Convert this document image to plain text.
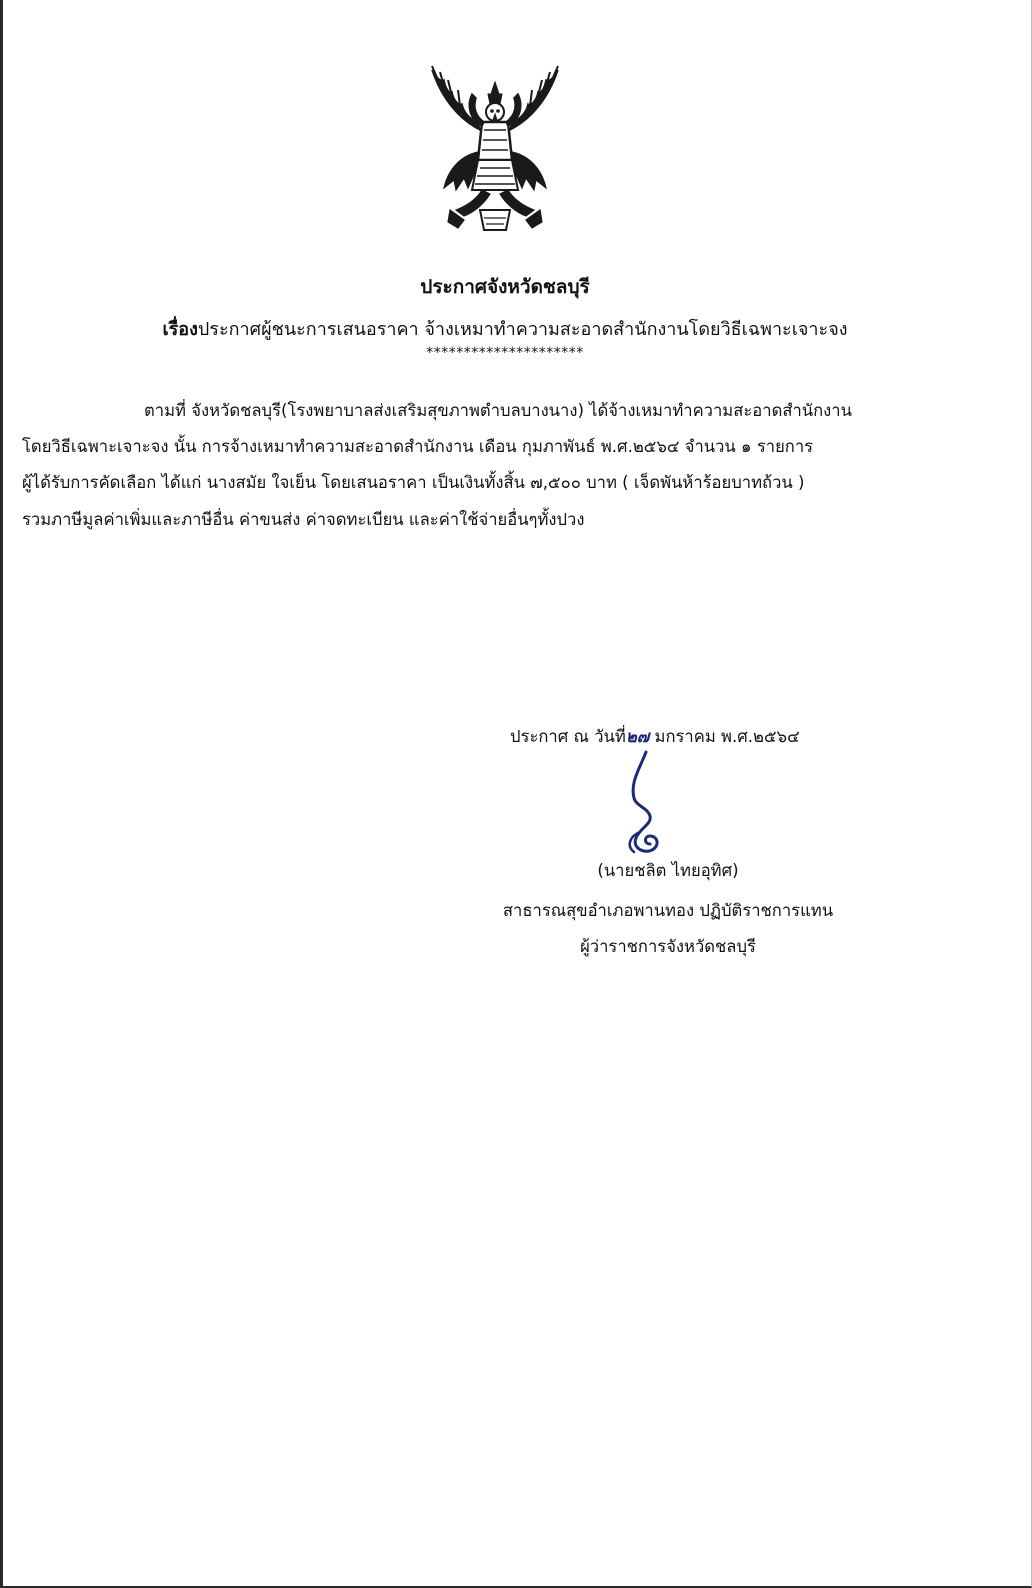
ประกาศจังหวัดชลบุรี
เรื่องประกาศผู้ชนะการเสนอราคา จ้างเหมาทำความสะอาดสำนักงานโดยวิธีเฉพาะเจาะจง
*********************
ตามที่ จังหวัดชลบุรี(โรงพยาบาลส่งเสริมสุขภาพตำบลบางนาง) ได้จ้างเหมาทำความสะอาดสำนักงาน
โดยวิธีเฉพาะเจาะจง นั้น การจ้างเหมาทำความสะอาดสำนักงาน เดือน กุมภาพันธ์ พ.ศ.๒๕๖๔ จำนวน ๑ รายการ
ผู้ได้รับการคัดเลือก ได้แก่ นางสมัย ใจเย็น โดยเสนอราคา เป็นเงินทั้งสิ้น ๗,๕๐๐ บาท ( เจ็ดพันห้าร้อยบาทถ้วน )
รวมภาษีมูลค่าเพิ่มและภาษีอื่น ค่าขนส่ง ค่าจดทะเบียน และค่าใช้จ่ายอื่นๆทั้งปวง
ประกาศ ณ วันที่๒๗ มกราคม พ.ศ.๒๕๖๔
(นายชลิต ไทยอุทิศ)
สาธารณสุขอำเภอพานทอง ปฏิบัติราชการแทน
ผู้ว่าราชการจังหวัดชลบุรี
